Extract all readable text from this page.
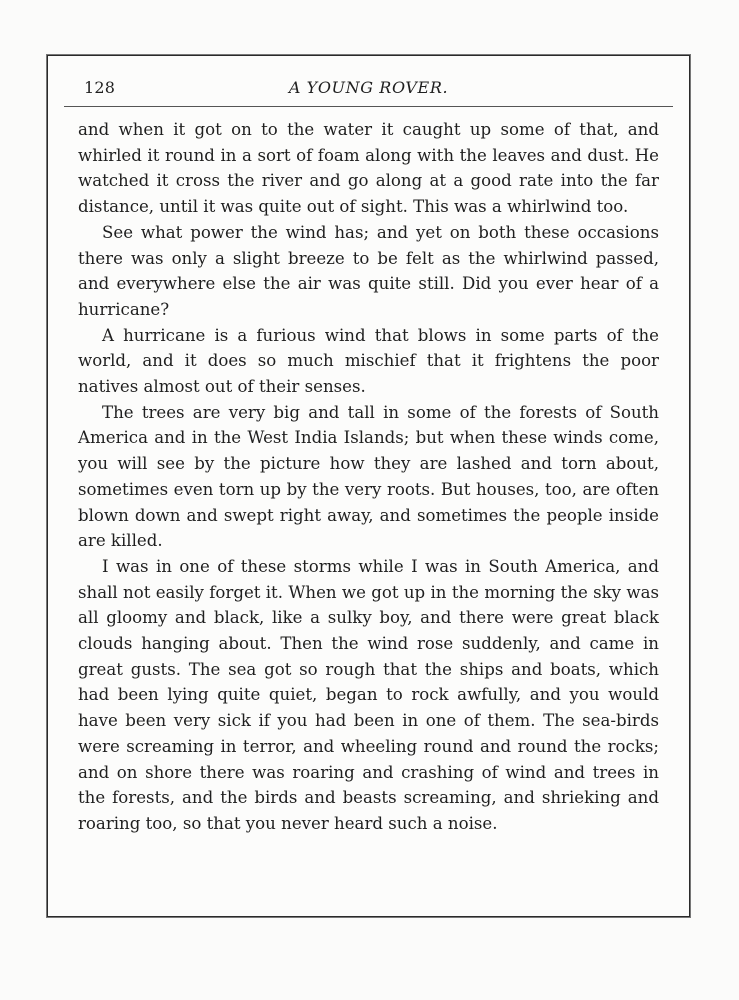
128	A YOUNG ROVER.

and when it got on to the water it caught up some of that, and whirled it round in a sort of foam along with the leaves and dust. He watched it cross the river and go along at a good rate into the far distance, until it was quite out of sight. This was a whirlwind too.

See what power the wind has; and yet on both these occasions there was only a slight breeze to be felt as the whirlwind passed, and everywhere else the air was quite still. Did you ever hear of a hurricane?

A hurricane is a furious wind that blows in some parts of the world, and it does so much mischief that it frightens the poor natives almost out of their senses.

The trees are very big and tall in some of the forests of South America and in the West India Islands; but when these winds come, you will see by the picture how they are lashed and torn about, sometimes even torn up by the very roots. But houses, too, are often blown down and swept right away, and sometimes the people inside are killed.

I was in one of these storms while I was in South America, and shall not easily forget it. When we got up in the morning the sky was all gloomy and black, like a sulky boy, and there were great black clouds hanging about. Then the wind rose suddenly, and came in great gusts. The sea got so rough that the ships and boats, which had been lying quite quiet, began to rock awfully, and you would have been very sick if you had been in one of them. The sea-birds were screaming in terror, and wheeling round and round the rocks; and on shore there was roaring and crashing of wind and trees in the forests, and the birds and beasts screaming, and shrieking and roaring too, so that you never heard such a noise.
